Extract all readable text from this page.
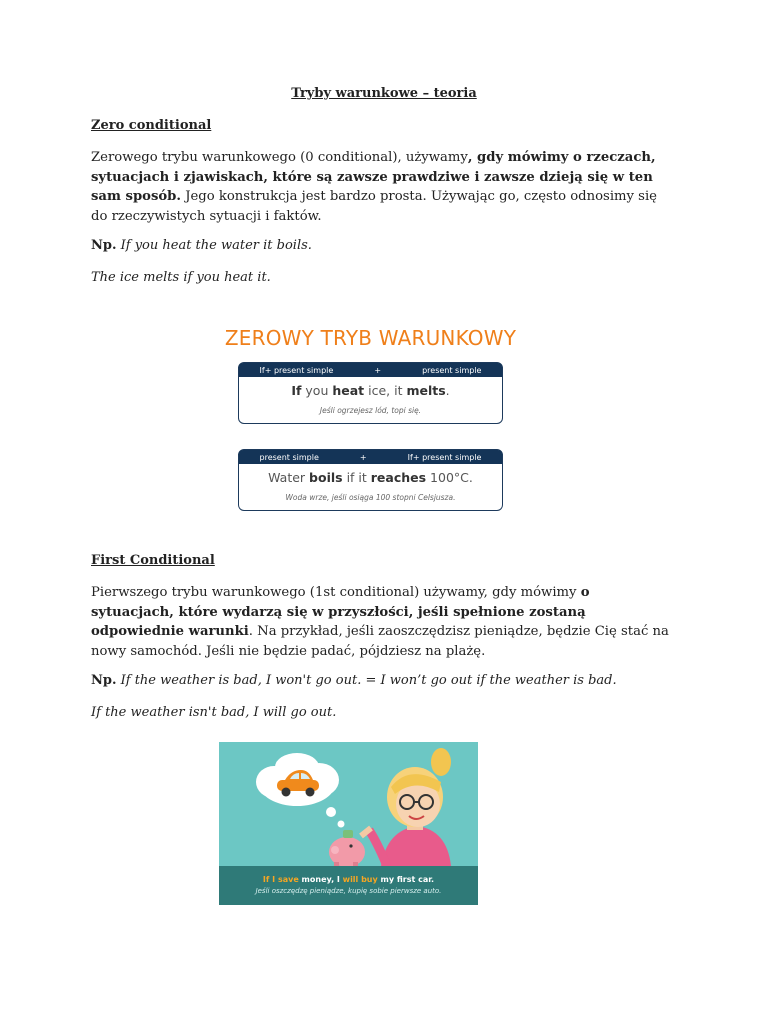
Tryby warunkowe – teoria
Zero conditional
Zerowego trybu warunkowego (0 conditional), używamy, gdy mówimy o rzeczach, sytuacjach i zjawiskach, które są zawsze prawdziwe i zawsze dzieją się w ten sam sposób. Jego konstrukcja jest bardzo prosta. Używając go, często odnosimy się do rzeczywistych sytuacji i faktów.
Np. If you heat the water it boils.
The ice melts if you heat it.
ZEROWY TRYB WARUNKOWY
If+ present simple	+	present simple
If you heat ice, it melts.
Jeśli ogrzejesz lód, topi się.
present simple	+	If+ present simple
Water boils if it reaches 100°C.
Woda wrze, jeśli osiąga 100 stopni Celsjusza.
First Conditional
Pierwszego trybu warunkowego (1st conditional) używamy, gdy mówimy o sytuacjach, które wydarzą się w przyszłości, jeśli spełnione zostaną odpowiednie warunki. Na przykład, jeśli zaoszczędzisz pieniądze, będzie Cię stać na nowy samochód. Jeśli nie będzie padać, pójdziesz na plażę.
Np. If the weather is bad, I won't go out. = I won’t go out if the weather is bad.
If the weather isn't bad, I will go out.
If I save money, I will buy my first car.
Jeśli oszczędzę pieniądze, kupię sobie pierwsze auto.
